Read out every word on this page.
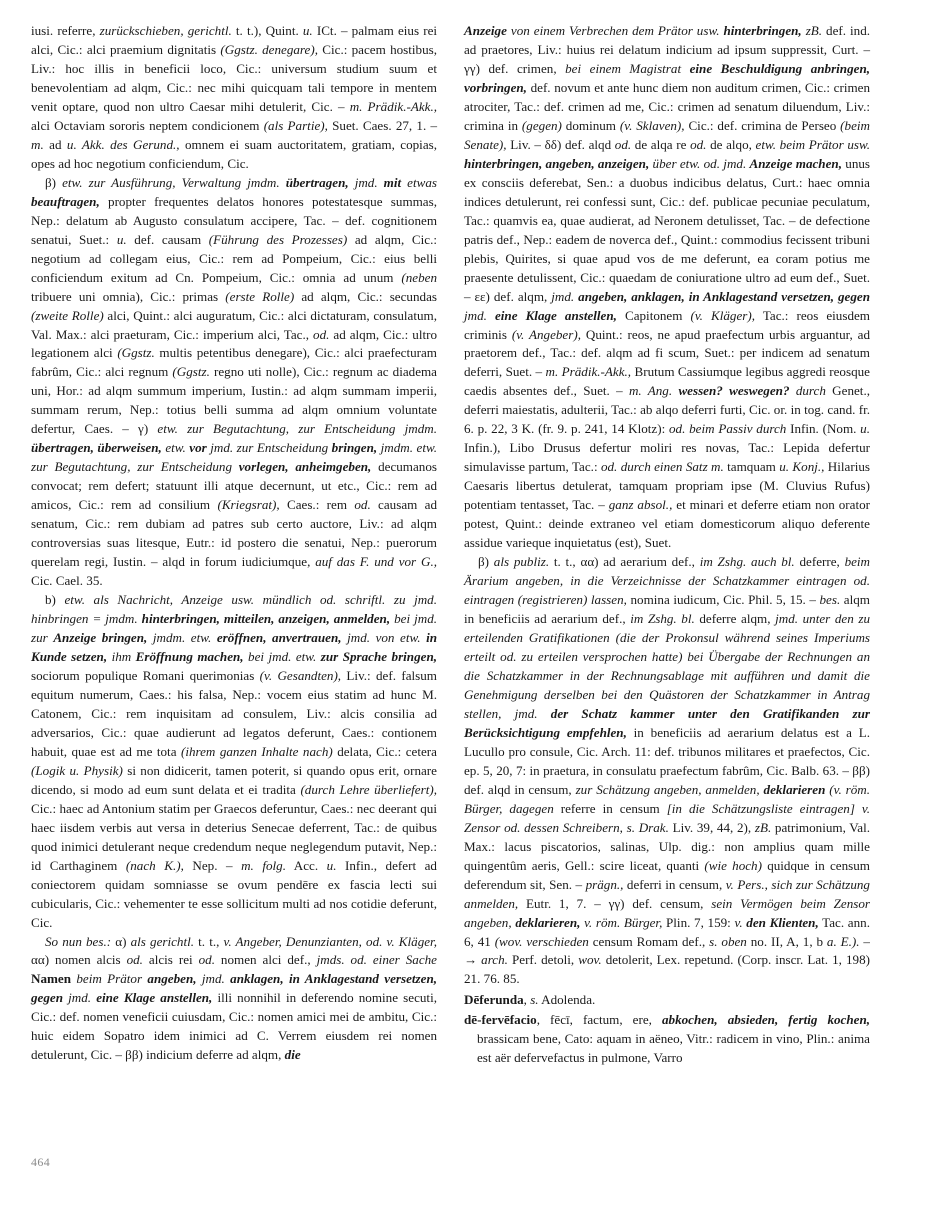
iusi. referre, zurückschieben, gerichtl. t. t.), Quint. u. ICt. – palmam eius rei alci, Cic.: alci praemium dignitatis (Ggstz. denegare), Cic.: pacem hostibus, Liv.: hoc illis in beneficii loco, Cic.: universum studium suum et benevolentiam ad alqm, Cic.: nec mihi quicquam tali tempore in mentem venit optare, quod non ultro Caesar mihi detulerit, Cic. – m. Prädik.-Akk., alci Octaviam sororis neptem condicionem (als Partie), Suet. Caes. 27, 1. – m. ad u. Akk. des Gerund., omnem ei suam auctoritatem, gratiam, copias, opes ad hoc negotium conficiendum, Cic.

β) etw. zur Ausführung, Verwaltung jmdm. übertragen, jmd. mit etwas beauftragen, propter frequentes delatos honores potestatesque summas, Nep.: delatum ab Augusto consulatum accipere, Tac. – def. cognitionem senatui, Suet.: u. def. causam (Führung des Prozesses) ad alqm, Cic.: negotium ad collegam eius, Cic.: rem ad Pompeium, Cic.: eius belli conficiendum exitum ad Cn. Pompeium, Cic.: omnia ad unum (neben tribuere uni omnia), Cic.: primas (erste Rolle) ad alqm, Cic.: secundas (zweite Rolle) alci, Quint.: alci auguratum, Cic.: alci dictaturam, consulatum, Val. Max.: alci praeturam, Cic.: imperium alci, Tac., od. ad alqm, Cic.: ultro legationem alci (Ggstz. multis petentibus denegare), Cic.: alci praefecturam fabrûm, Cic.: alci regnum (Ggstz. regno uti nolle), Cic.: regnum ac diadema uni, Hor.: ad alqm summum imperium, Iustin.: ad alqm summam imperii, summam rerum, Nep.: totius belli summa ad alqm omnium voluntate defertur, Caes. – γ) etw. zur Begutachtung, zur Entscheidung jmdm. übertragen, überweisen, etw. vor jmd. zur Entscheidung bringen, jmdm. etw. zur Begutachtung, zur Entscheidung vorlegen, anheimgeben, decumanos convocat; rem defert; statuunt illi atque decernunt, ut etc., Cic.: rem ad amicos, Cic.: rem ad consilium (Kriegsrat), Caes.: rem od. causam ad senatum, Cic.: rem dubiam ad patres sub certo auctore, Liv.: ad alqm controversias suas litesque, Eutr.: id postero die senatui, Nep.: puerorum querelam regi, Iustin. – alqd in forum iudiciumque, auf das F. und vor G., Cic. Cael. 35.

b) etw. als Nachricht, Anzeige usw. mündlich od. schriftl. zu jmd. hinbringen = jmdm. hinterbringen, mitteilen, anzeigen, anmelden, bei jmd. zur Anzeige bringen, jmdm. etw. eröffnen, anvertrauen, jmd. von etw. in Kunde setzen, ihm Eröffnung machen, bei jmd. etw. zur Sprache bringen, sociorum populique Romani querimonias (v. Gesandten), Liv.: def. falsum equitum numerum, Caes.: his falsa, Nep.: vocem eius statim ad hunc M. Catonem, Cic.: rem inquisitam ad consulem, Liv.: alcis consilia ad adversarios, Cic.: quae audierunt ad legatos deferunt, Caes.: contionem habuit, quae est ad me tota (ihrem ganzen Inhalte nach) delata, Cic.: cetera (Logik u. Physik) si non didicerit, tamen poterit, si quando opus erit, ornare dicendo, si modo ad eum sunt delata et ei tradita (durch Lehre überliefert), Cic.: haec ad Antonium statim per Graecos deferuntur, Caes.: nec deerant qui haec iisdem verbis aut versa in deterius Senecae deferrent, Tac.: de quibus quod inimici detulerant neque credendum neque neglegendum putavit, Nep.: id Carthaginem (nach K.), Nep. – m. folg. Acc. u. Infin., defert ad coniectorem quidam somniasse se ovum pendēre ex fascia lecti sui cubicularis, Cic.: vehementer te esse sollicitum multi ad nos cotidie deferunt, Cic.

So nun bes.: α) als gerichtl. t. t., v. Angeber, Denunzianten, od. v. Kläger, αα) nomen alcis od. alcis rei od. nomen alci def., jmds. od. einer Sache Namen beim Prätor angeben, jmd. anklagen, in Anklagestand versetzen, gegen jmd. eine Klage anstellen, illi nonnihil in deferendo nomine secuti, Cic.: def. nomen veneficii cuiusdam, Cic.: nomen amici mei de ambitu, Cic.: huic eidem Sopatro idem inimici ad C. Verrem eiusdem rei nomen detulerunt, Cic. – ββ) indicium deferre ad alqm, die

Anzeige von einem Verbrechen dem Prätor usw. hinterbringen, zB. def. ind. ad praetores, Liv.: huius rei delatum indicium ad ipsum suppressit, Curt. – γγ) def. crimen, bei einem Magistrat eine Beschuldigung anbringen, vorbringen, def. novum et ante hunc diem non auditum crimen, Cic.: crimen atrociter, Tac.: def. crimen ad me, Cic.: crimen ad senatum diluendum, Liv.: crimina in (gegen) dominum (v. Sklaven), Cic.: def. crimina de Perseo (beim Senate), Liv. – δδ) def. alqd od. de alqa re od. de alqo, etw. beim Prätor usw. hinterbringen, angeben, anzeigen, über etw. od. jmd. Anzeige machen, unus ex consciis deferebat, Sen.: a duobus indicibus delatus, Curt.: haec omnia indices detulerunt, rei confessi sunt, Cic.: def. publicae pecuniae peculatum, Tac.: quamvis ea, quae audierat, ad Neronem detulisset, Tac. – de defectione patris def., Nep.: eadem de noverca def., Quint.: commodius fecissent tribuni plebis, Quirites, si quae apud vos de me deferunt, ea coram potius me praesente detulissent, Cic.: quaedam de coniuratione ultro ad eum def., Suet. – εε) def. alqm, jmd. angeben, anklagen, in Anklagestand versetzen, gegen jmd. eine Klage anstellen, Capitonem (v. Kläger), Tac.: reos eiusdem criminis (v. Angeber), Quint.: reos, ne apud praefectum urbis arguantur, ad praetorem def., Tac.: def. alqm ad fi scum, Suet.: per indicem ad senatum deferri, Suet. – m. Prädik.-Akk., Brutum Cassiumque legibus aggredi reosque caedis absentes def., Suet. – m. Ang. wessen? weswegen? durch Genet., deferri maiestatis, adulterii, Tac.: ab alqo deferri furti, Cic. or. in tog. cand. fr. 6. p. 22, 3 K. (fr. 9. p. 241, 14 Klotz): od. beim Passiv durch Infin. (Nom. u. Infin.), Libo Drusus defertur moliri res novas, Tac.: Lepida defertur simulavisse partum, Tac.: od. durch einen Satz m. tamquam u. Konj., Hilarius Caesaris libertus detulerat, tamquam propriam ipse (M. Cluvius Rufus) potentiam tentasset, Tac. – ganz absol., et minari et deferre etiam non orator potest, Quint.: deinde extraneo vel etiam domesticorum aliquo deferente assidue varieque inquietatus (est), Suet.

β) als publiz. t. t., αα) ad aerarium def., im Zshg. auch bl. deferre, beim Ärarium angeben, in die Verzeichnisse der Schatzkammer eintragen od. eintragen (registrieren) lassen, nomina iudicum, Cic. Phil. 5, 15. – bes. alqm in beneficiis ad aerarium def., im Zshg. bl. deferre alqm, jmd. unter den zu erteilenden Gratifikationen (die der Prokonsul während seines Imperiums erteilt od. zu erteilen versprochen hatte) bei Übergabe der Rechnungen an die Schatzkammer in der Rechnungsablage mit aufführen und damit die Genehmigung derselben bei den Quästoren der Schatzkammer in Antrag stellen, jmd. der Schatz kammer unter den Gratifikanden zur Berücksichtigung empfehlen, in beneficiis ad aerarium delatus est a L. Lucullo pro consule, Cic. Arch. 11: def. tribunos militares et praefectos, Cic. ep. 5, 20, 7: in praetura, in consulatu praefectum fabrûm, Cic. Balb. 63. – ββ) def. alqd in censum, zur Schätzung angeben, anmelden, deklarieren (v. röm. Bürger, dagegen referre in censum [in die Schätzungsliste eintragen] v. Zensor od. dessen Schreibern, s. Drak. Liv. 39, 44, 2), zB. patrimonium, Val. Max.: lacus piscatorios, salinas, Ulp. dig.: non amplius quam mille quingentûm aeris, Gell.: scire liceat, quanti (wie hoch) quidque in censum deferendum sit, Sen. – prägn., deferri in censum, v. Pers., sich zur Schätzung anmelden, Eutr. 1, 7. – γγ) def. censum, sein Vermögen beim Zensor angeben, deklarieren, v. röm. Bürger, Plin. 7, 159: v. den Klienten, Tac. ann. 6, 41 (wov. verschieden censum Romam def., s. oben no. II, A, 1, b a. E.). – → arch. Perf. detoli, wov. detolerit, Lex. repetund. (Corp. inscr. Lat. 1, 198) 21. 76. 85.

Dēferunda, s. Adolenda.

dē-fervēfacio, fēcī, factum, ere, abkochen, absieden, fertig kochen, brassicam bene, Cato: aquam in aëneo, Vitr.: radicem in vino, Plin.: anima est aër defervefactus in pulmone, Varro

464
